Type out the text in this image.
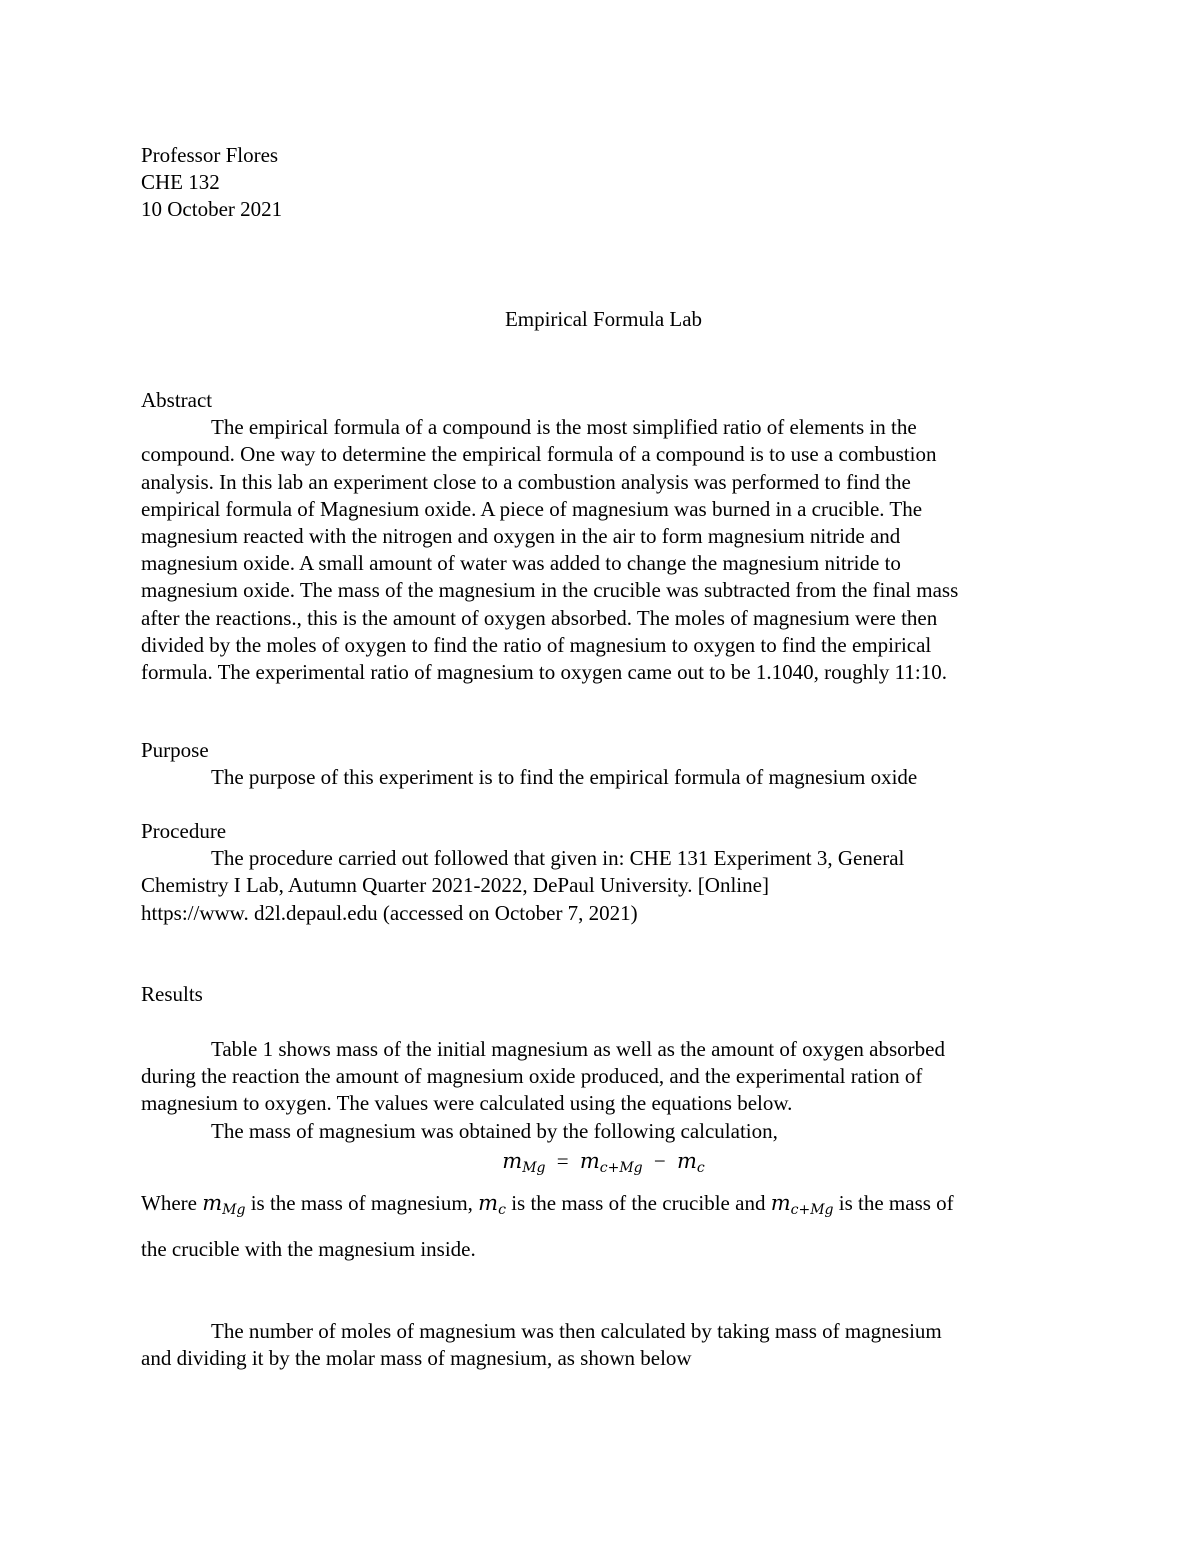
Professor Flores
CHE 132
10 October 2021
Empirical Formula Lab
Abstract
The empirical formula of a compound is the most simplified ratio of elements in the
compound. One way to determine the empirical formula of a compound is to use a combustion
analysis. In this lab an experiment close to a combustion analysis was performed to find the
empirical formula of Magnesium oxide. A piece of magnesium was burned in a crucible. The
magnesium reacted with the nitrogen and oxygen in the air to form magnesium nitride and
magnesium oxide. A small amount of water was added to change the magnesium nitride to
magnesium oxide. The mass of the magnesium in the crucible was subtracted from the final mass
after the reactions., this is the amount of oxygen absorbed. The moles of magnesium were then
divided by the moles of oxygen to find the ratio of magnesium to oxygen to find the empirical
formula. The experimental ratio of magnesium to oxygen came out to be 1.1040, roughly 11:10.
Purpose
The purpose of this experiment is to find the empirical formula of magnesium oxide
Procedure
The procedure carried out followed that given in: CHE 131 Experiment 3, General
Chemistry I Lab, Autumn Quarter 2021-2022, DePaul University. [Online]
https://www. d2l.depaul.edu (accessed on October 7, 2021)
Results
Table 1 shows mass of the initial magnesium as well as the amount of oxygen absorbed
during the reaction the amount of magnesium oxide produced, and the experimental ration of
magnesium to oxygen. The values were calculated using the equations below.
The mass of magnesium was obtained by the following calculation,
$m_{Mg} = m_{c+Mg} - m_c$
Where $m_{Mg}$ is the mass of magnesium, $m_c$ is the mass of the crucible and $m_{c+Mg}$ is the mass of
the crucible with the magnesium inside.
The number of moles of magnesium was then calculated by taking mass of magnesium
and dividing it by the molar mass of magnesium, as shown below
